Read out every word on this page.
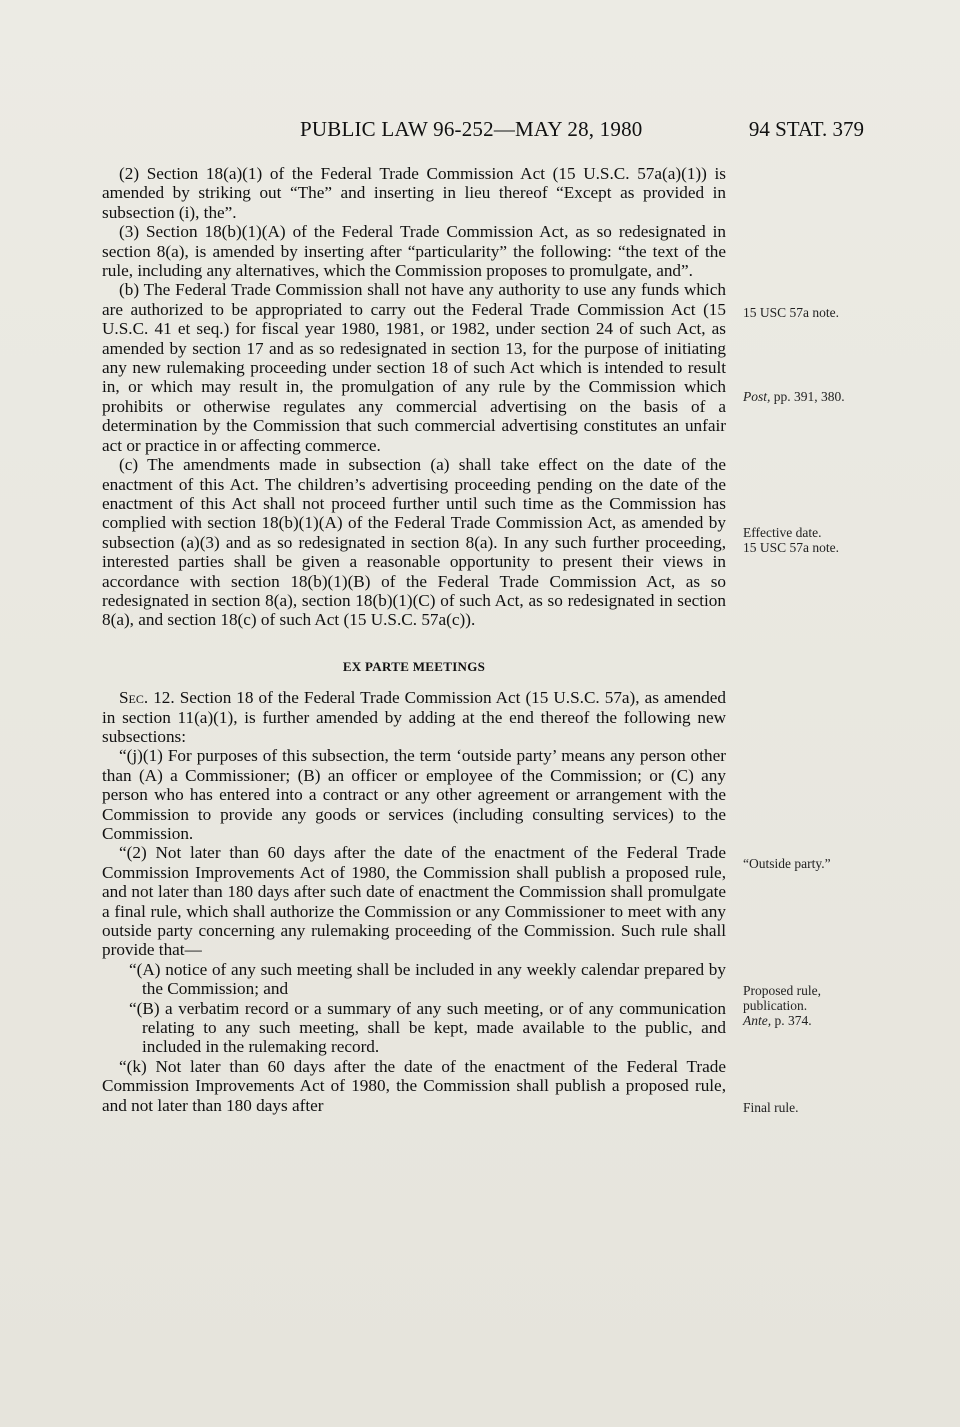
PUBLIC LAW 96-252—MAY 28, 1980	94 STAT. 379

(2) Section 18(a)(1) of the Federal Trade Commission Act (15 U.S.C. 57a(a)(1)) is amended by striking out “The” and inserting in lieu thereof “Except as provided in subsection (i), the”.

(3) Section 18(b)(1)(A) of the Federal Trade Commission Act, as so redesignated in section 8(a), is amended by inserting after “particularity” the following: “the text of the rule, including any alternatives, which the Commission proposes to promulgate, and”.

(b) The Federal Trade Commission shall not have any authority to use any funds which are authorized to be appropriated to carry out the Federal Trade Commission Act (15 U.S.C. 41 et seq.) for fiscal year 1980, 1981, or 1982, under section 24 of such Act, as amended by section 17 and as so redesignated in section 13, for the purpose of initiating any new rulemaking proceeding under section 18 of such Act which is intended to result in, or which may result in, the promulgation of any rule by the Commission which prohibits or otherwise regulates any commercial advertising on the basis of a determination by the Commission that such commercial advertising constitutes an unfair act or practice in or affecting commerce.

(c) The amendments made in subsection (a) shall take effect on the date of the enactment of this Act. The children’s advertising proceeding pending on the date of the enactment of this Act shall not proceed further until such time as the Commission has complied with section 18(b)(1)(A) of the Federal Trade Commission Act, as amended by subsection (a)(3) and as so redesignated in section 8(a). In any such further proceeding, interested parties shall be given a reasonable opportunity to present their views in accordance with section 18(b)(1)(B) of the Federal Trade Commission Act, as so redesignated in section 8(a), section 18(b)(1)(C) of such Act, as so redesignated in section 8(a), and section 18(c) of such Act (15 U.S.C. 57a(c)).

EX PARTE MEETINGS

Sec. 12. Section 18 of the Federal Trade Commission Act (15 U.S.C. 57a), as amended in section 11(a)(1), is further amended by adding at the end thereof the following new subsections:

“(j)(1) For purposes of this subsection, the term ‘outside party’ means any person other than (A) a Commissioner; (B) an officer or employee of the Commission; or (C) any person who has entered into a contract or any other agreement or arrangement with the Commission to provide any goods or services (including consulting services) to the Commission.

“(2) Not later than 60 days after the date of the enactment of the Federal Trade Commission Improvements Act of 1980, the Commission shall publish a proposed rule, and not later than 180 days after such date of enactment the Commission shall promulgate a final rule, which shall authorize the Commission or any Commissioner to meet with any outside party concerning any rulemaking proceeding of the Commission. Such rule shall provide that—

“(A) notice of any such meeting shall be included in any weekly calendar prepared by the Commission; and

“(B) a verbatim record or a summary of any such meeting, or of any communication relating to any such meeting, shall be kept, made available to the public, and included in the rulemaking record.

“(k) Not later than 60 days after the date of the enactment of the Federal Trade Commission Improvements Act of 1980, the Commission shall publish a proposed rule, and not later than 180 days after

15 USC 57a note.
Post, pp. 391, 380.
Effective date.
15 USC 57a note.
“Outside party.”
Proposed rule,
publication.
Ante, p. 374.
Final rule.
